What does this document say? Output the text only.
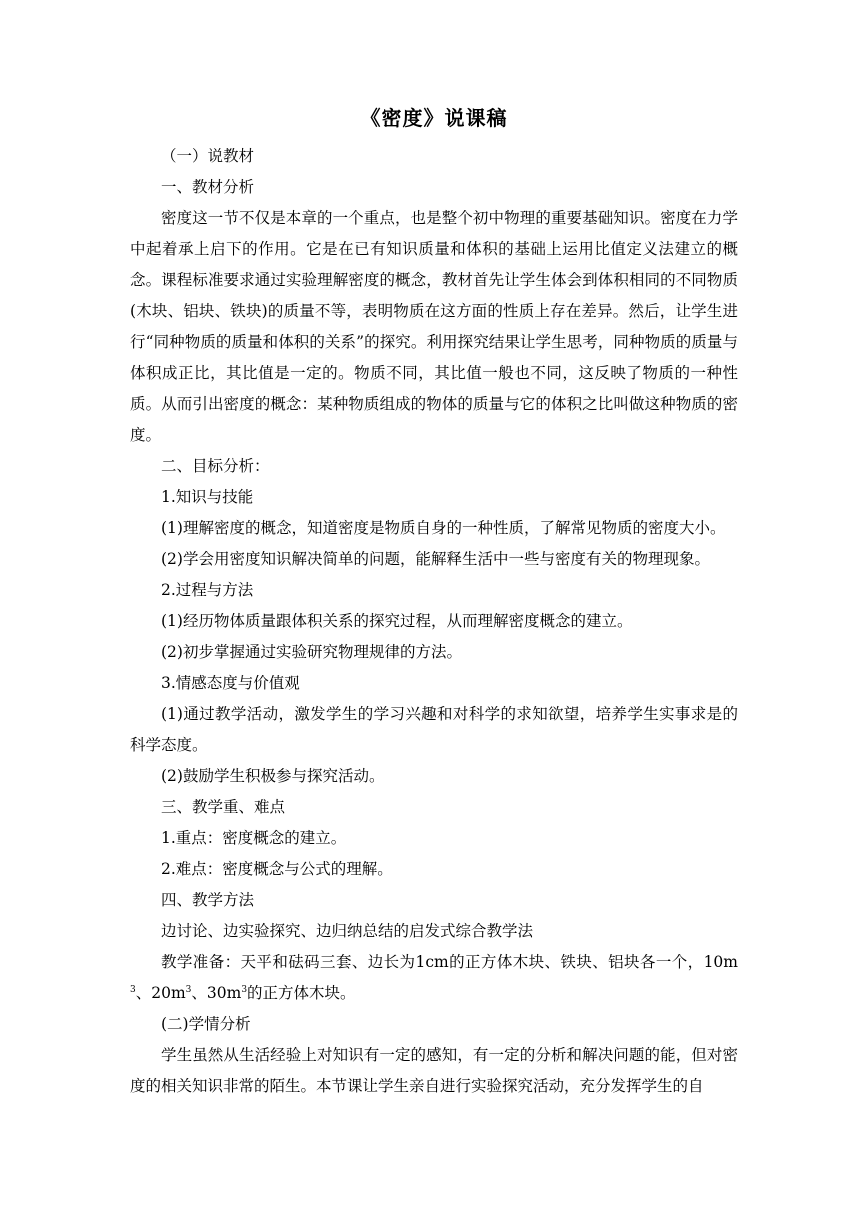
《密度》说课稿

（一）说教材

一、教材分析

密度这一节不仅是本章的一个重点，也是整个初中物理的重要基础知识。密度在力学中起着承上启下的作用。它是在已有知识质量和体积的基础上运用比值定义法建立的概念。课程标准要求通过实验理解密度的概念，教材首先让学生体会到体积相同的不同物质(木块、铝块、铁块)的质量不等，表明物质在这方面的性质上存在差异。然后，让学生进行“同种物质的质量和体积的关系”的探究。利用探究结果让学生思考，同种物质的质量与体积成正比，其比值是一定的。物质不同，其比值一般也不同，这反映了物质的一种性质。从而引出密度的概念：某种物质组成的物体的质量与它的体积之比叫做这种物质的密度。

二、目标分析：

1.知识与技能

(1)理解密度的概念，知道密度是物质自身的一种性质，了解常见物质的密度大小。

(2)学会用密度知识解决简单的问题，能解释生活中一些与密度有关的物理现象。

2.过程与方法

(1)经历物体质量跟体积关系的探究过程，从而理解密度概念的建立。

(2)初步掌握通过实验研究物理规律的方法。

3.情感态度与价值观

(1)通过教学活动，激发学生的学习兴趣和对科学的求知欲望，培养学生实事求是的科学态度。

(2)鼓励学生积极参与探究活动。

三、教学重、难点

1.重点：密度概念的建立。

2.难点：密度概念与公式的理解。

四、教学方法

边讨论、边实验探究、边归纳总结的启发式综合教学法

教学准备：天平和砝码三套、边长为1cm的正方体木块、铁块、铝块各一个，$10m^3$、$20m^3$、$30m^3$的正方体木块。

(二)学情分析

学生虽然从生活经验上对知识有一定的感知，有一定的分析和解决问题的能，但对密度的相关知识非常的陌生。本节课让学生亲自进行实验探究活动，充分发挥学生的自
